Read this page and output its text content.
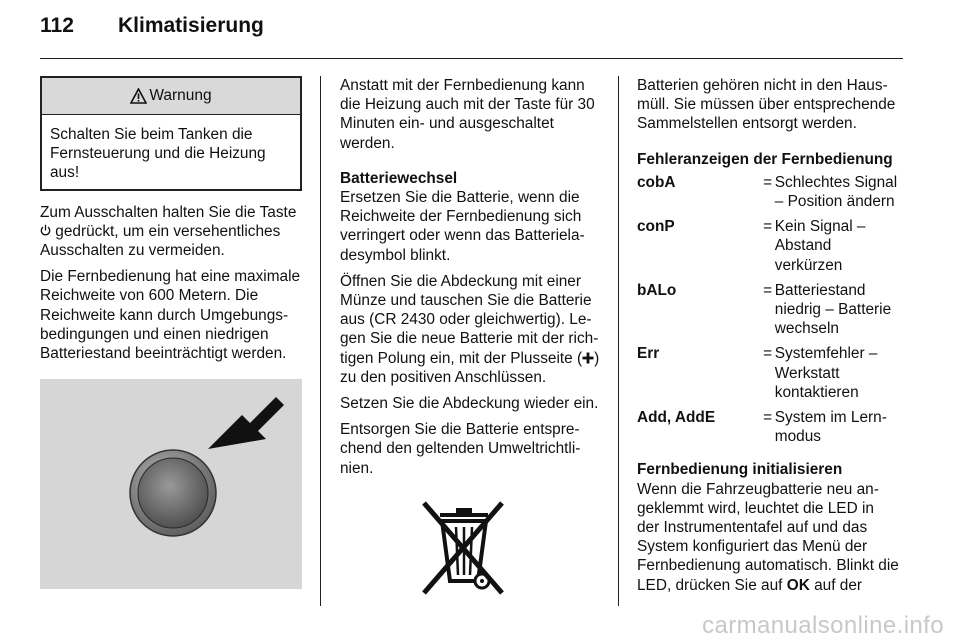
112 Klimatisierung
Warnung
Schalten Sie beim Tanken die Fernsteuerung und die Heizung aus!

Zum Ausschalten halten Sie die Taste  gedrückt, um ein versehentliches Ausschalten zu vermeiden.

Die Fernbedienung hat eine maximale Reichweite von 600 Metern. Die Reichweite kann durch Umgebungsbedingungen und einen niedrigen Batteriestand beeinträchtigt werden.

Anstatt mit der Fernbedienung kann die Heizung auch mit der Taste für 30 Minuten ein- und ausgeschaltet werden.

Batteriewechsel

Ersetzen Sie die Batterie, wenn die Reichweite der Fernbedienung sich verringert oder wenn das Batterieladesymbol blinkt.

Öffnen Sie die Abdeckung mit einer Münze und tauschen Sie die Batterie aus (CR 2430 oder gleichwertig). Legen Sie die neue Batterie mit der richtigen Polung ein, mit der Plusseite ( ) zu den positiven Anschlüssen.

Setzen Sie die Abdeckung wieder ein.

Entsorgen Sie die Batterie entsprechend den geltenden Umweltrichtlinien.

Batterien gehören nicht in den Hausmüll. Sie müssen über entsprechende Sammelstellen entsorgt werden.

Fehleranzeigen der Fernbedienung
cobA	= Schlechtes Signal – Position ändern
conP	= Kein Signal – Abstand verkürzen
bALo	= Batteriestand niedrig – Batterie wechseln
Err	= Systemfehler – Werkstatt kontaktieren
Add, AddE	= System im Lernmodus
Fernbedienung initialisieren

Wenn die Fahrzeugbatterie neu angeklemmt wird, leuchtet die LED in der Instrumententafel auf und das System konfiguriert das Menü der Fernbedienung automatisch. Blinkt die LED, drücken Sie auf OK auf der

carmanualsonline.info
